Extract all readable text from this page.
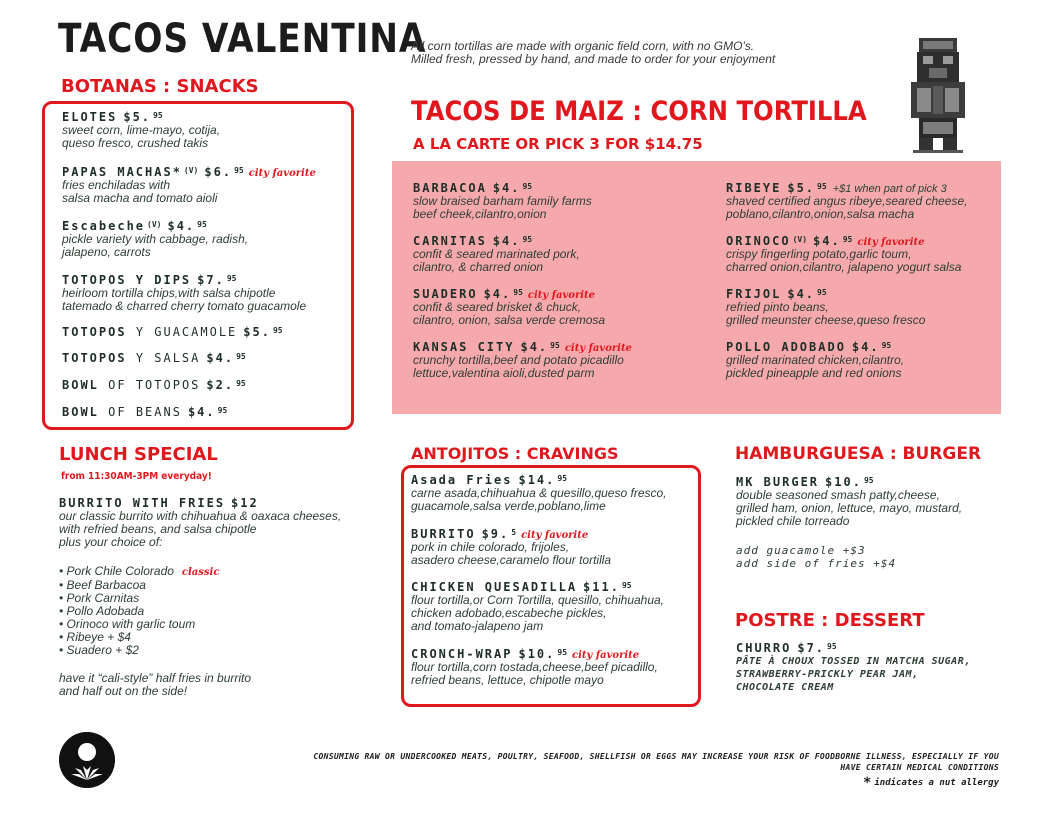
TACOS VALENTINA
All corn tortillas are made with organic field corn, with no GMO's.
Milled fresh, pressed by hand, and made to order for your enjoyment
BOTANAS : SNACKS
ELOTES $5. $^{95}$
sweet corn, lime-mayo, cotija,
queso fresco, crushed takis
PAPAS MACHAS* $^{(V)}$ $6. $^{95}$ city favorite
fries enchiladas with
salsa macha and tomato aioli
Escabeche $^{(V)}$ $4. $^{95}$
pickle variety with cabbage, radish,
jalapeno, carrots
TOTOPOS Y DIPS $7. $^{95}$
heirloom tortilla chips,with salsa chipotle
tatemado & charred cherry tomato guacamole
TOTOPOS Y GUACAMOLE $5. $^{95}$
TOTOPOS Y SALSA $4. $^{95}$
BOWL OF TOTOPOS $2. $^{95}$
BOWL OF BEANS $4. $^{95}$
TACOS DE MAIZ : CORN TORTILLA
A LA CARTE OR PICK 3 FOR $14.75
BARBACOA $4. $^{95}$
slow braised barham family farms
beef cheek,cilantro,onion
CARNITAS $4. $^{95}$
confit & seared marinated pork,
cilantro, & charred onion
SUADERO $4. $^{95}$ city favorite
confit & seared brisket & chuck,
cilantro, onion, salsa verde cremosa
KANSAS CITY $4. $^{95}$ city favorite
crunchy tortilla,beef and potato picadillo
lettuce,valentina aioli,dusted parm
RIBEYE $5. $^{95}$ +$1 when part of pick 3
shaved certified angus ribeye,seared cheese,
poblano,cilantro,onion,salsa macha
ORINOCO $^{(V)}$ $4. $^{95}$ city favorite
crispy fingerling potato,garlic toum,
charred onion,cilantro, jalapeno yogurt salsa
FRIJOL $4. $^{95}$
refried pinto beans,
grilled meunster cheese,queso fresco
POLLO ADOBADO $4. $^{95}$
grilled marinated chicken,cilantro,
pickled pineapple and red onions
LUNCH SPECIAL
from 11:30AM-3PM everyday!
BURRITO WITH FRIES $12
our classic burrito with chihuahua & oaxaca cheeses,
with refried beans, and salsa chipotle
plus your choice of:
• Pork Chile Colorado classic
• Beef Barbacoa
• Pork Carnitas
• Pollo Adobada
• Orinoco with garlic toum
• Ribeye + $4
• Suadero + $2
have it “cali-style” half fries in burrito
and half out on the side!
ANTOJITOS : CRAVINGS
Asada Fries $14. $^{95}$
carne asada,chihuahua & quesillo,queso fresco,
guacamole,salsa verde,poblano,lime
BURRITO $9. $^5$ city favorite
pork in chile colorado, frijoles,
asadero cheese,caramelo flour tortilla
CHICKEN QUESADILLA $11. $^{95}$
flour tortilla,or Corn Tortilla, quesillo, chihuahua,
chicken adobado,escabeche pickles,
and tomato-jalapeno jam
CRONCH-WRAP $10. $^{95}$ city favorite
flour tortilla,corn tostada,cheese,beef picadillo,
refried beans, lettuce, chipotle mayo
HAMBURGUESA : BURGER
MK BURGER $10. $^{95}$
double seasoned smash patty,cheese,
grilled ham, onion, lettuce, mayo, mustard,
pickled chile torreado
add guacamole +$3
add side of fries +$4
POSTRE : DESSERT
CHURRO $7. $^{95}$
PÂTE À CHOUX TOSSED IN MATCHA SUGAR,
STRAWBERRY-PRICKLY PEAR JAM,
CHOCOLATE CREAM
CONSUMING RAW OR UNDERCOOKED MEATS, POULTRY, SEAFOOD, SHELLFISH OR EGGS MAY INCREASE YOUR RISK OF FOODBORNE ILLNESS, ESPECIALLY IF YOU
HAVE CERTAIN MEDICAL CONDITIONS
* indicates a nut allergy
